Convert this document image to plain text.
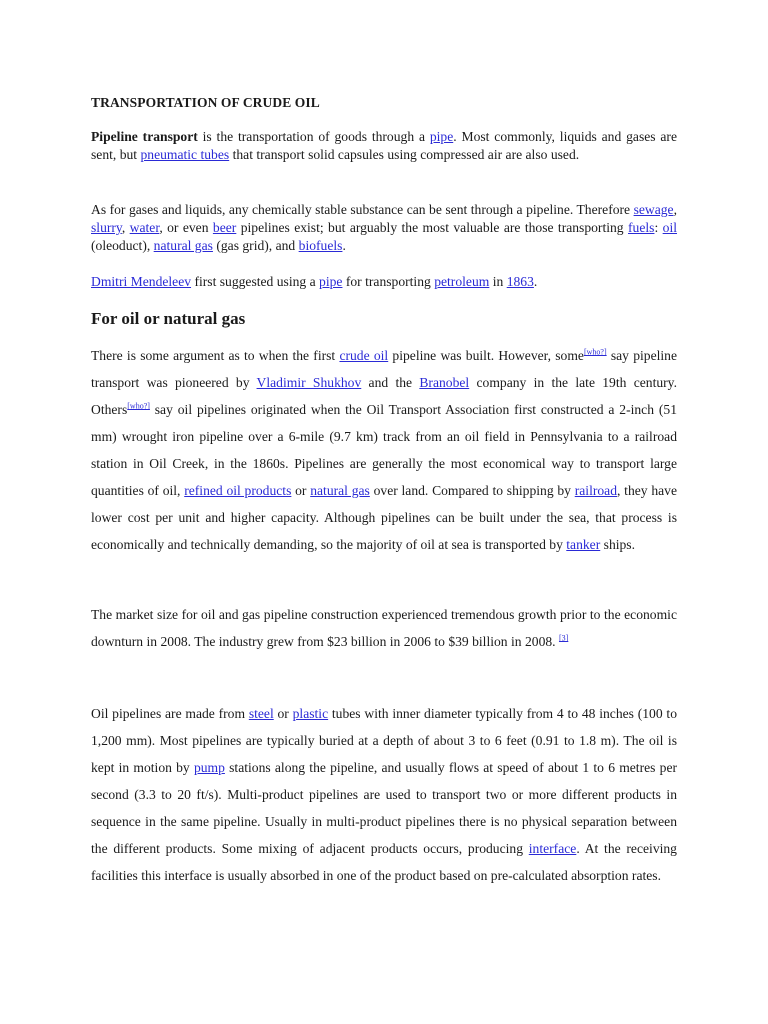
TRANSPORTATION OF CRUDE OIL

Pipeline transport is the transportation of goods through a pipe. Most commonly, liquids and gases are sent, but pneumatic tubes that transport solid capsules using compressed air are also used.

As for gases and liquids, any chemically stable substance can be sent through a pipeline. Therefore sewage, slurry, water, or even beer pipelines exist; but arguably the most valuable are those transporting fuels: oil (oleoduct), natural gas (gas grid), and biofuels.

Dmitri Mendeleev first suggested using a pipe for transporting petroleum in 1863.

For oil or natural gas

There is some argument as to when the first crude oil pipeline was built. However, some[who?] say pipeline transport was pioneered by Vladimir Shukhov and the Branobel company in the late 19th century. Others[who?] say oil pipelines originated when the Oil Transport Association first constructed a 2-inch (51 mm) wrought iron pipeline over a 6-mile (9.7 km) track from an oil field in Pennsylvania to a railroad station in Oil Creek, in the 1860s. Pipelines are generally the most economical way to transport large quantities of oil, refined oil products or natural gas over land. Compared to shipping by railroad, they have lower cost per unit and higher capacity. Although pipelines can be built under the sea, that process is economically and technically demanding, so the majority of oil at sea is transported by tanker ships.

The market size for oil and gas pipeline construction experienced tremendous growth prior to the economic downturn in 2008. The industry grew from $23 billion in 2006 to $39 billion in 2008. [3]

Oil pipelines are made from steel or plastic tubes with inner diameter typically from 4 to 48 inches (100 to 1,200 mm). Most pipelines are typically buried at a depth of about 3 to 6 feet (0.91 to 1.8 m). The oil is kept in motion by pump stations along the pipeline, and usually flows at speed of about 1 to 6 metres per second (3.3 to 20 ft/s). Multi-product pipelines are used to transport two or more different products in sequence in the same pipeline. Usually in multi-product pipelines there is no physical separation between the different products. Some mixing of adjacent products occurs, producing interface. At the receiving facilities this interface is usually absorbed in one of the product based on pre-calculated absorption rates.
